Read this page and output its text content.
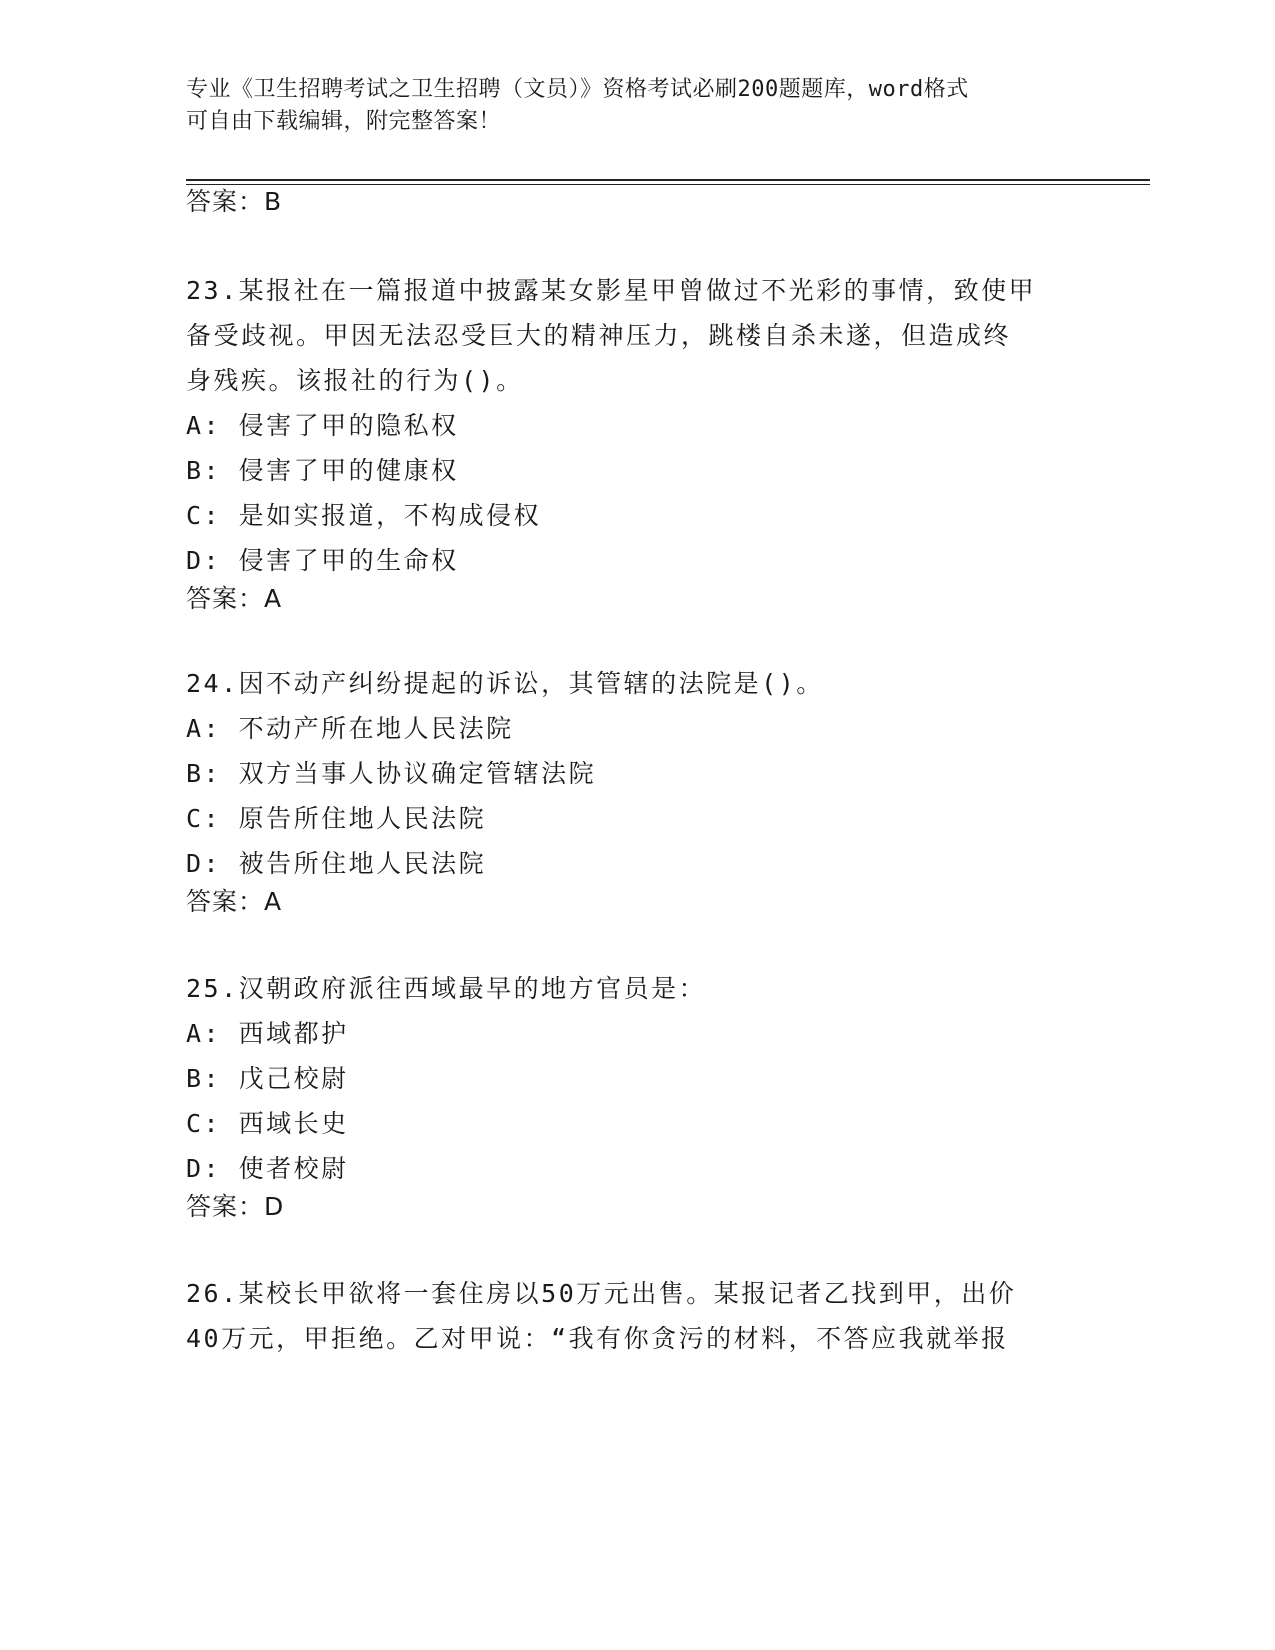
专业《卫生招聘考试之卫生招聘（文员）》资格考试必刷200题题库，word格式
可自由下载编辑，附完整答案！
答案：B
23.某报社在一篇报道中披露某女影星甲曾做过不光彩的事情，致使甲
备受歧视。甲因无法忍受巨大的精神压力，跳楼自杀未遂，但造成终
身残疾。该报社的行为()。
A: 侵害了甲的隐私权
B: 侵害了甲的健康权
C: 是如实报道，不构成侵权
D: 侵害了甲的生命权
答案：A
24.因不动产纠纷提起的诉讼，其管辖的法院是()。
A: 不动产所在地人民法院
B: 双方当事人协议确定管辖法院
C: 原告所住地人民法院
D: 被告所住地人民法院
答案：A
25.汉朝政府派往西域最早的地方官员是：
A: 西域都护
B: 戊己校尉
C: 西域长史
D: 使者校尉
答案：D
26.某校长甲欲将一套住房以50万元出售。某报记者乙找到甲，出价
40万元，甲拒绝。乙对甲说：“我有你贪污的材料，不答应我就举报
